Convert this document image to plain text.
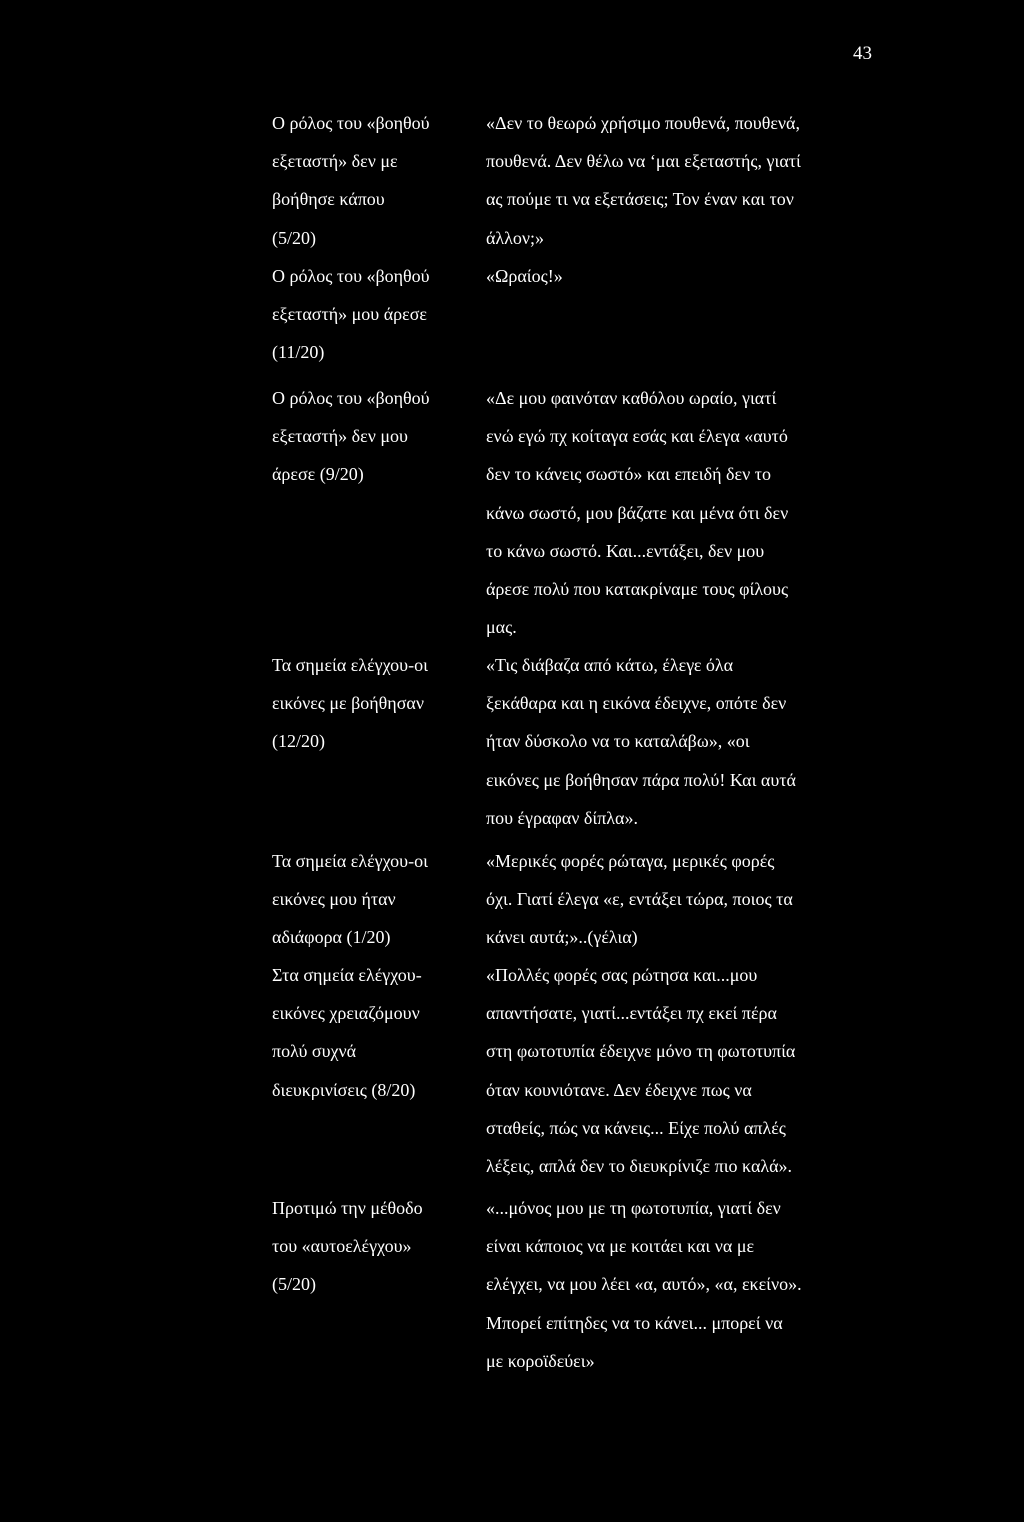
43

Ο ρόλος του «βοηθού
εξεταστή» δεν με
βοήθησε κάπου
(5/20)

«Δεν το θεωρώ χρήσιμο πουθενά, πουθενά,
πουθενά. Δεν θέλω να ‘μαι εξεταστής, γιατί
ας πούμε τι να εξετάσεις; Τον έναν και τον
άλλον;»

Ο ρόλος του «βοηθού
εξεταστή» μου άρεσε
(11/20)

«Ωραίος!»

Ο ρόλος του «βοηθού
εξεταστή» δεν μου
άρεσε (9/20)

«Δε μου φαινόταν καθόλου ωραίο, γιατί
ενώ εγώ πχ κοίταγα εσάς και έλεγα «αυτό
δεν το κάνεις σωστό» και επειδή δεν το
κάνω σωστό, μου βάζατε και μένα ότι δεν
το κάνω σωστό. Και...εντάξει, δεν μου
άρεσε πολύ που κατακρίναμε τους φίλους
μας.

Τα σημεία ελέγχου-οι
εικόνες με βοήθησαν
(12/20)

«Τις διάβαζα από κάτω, έλεγε όλα
ξεκάθαρα και η εικόνα έδειχνε, οπότε δεν
ήταν δύσκολο να το καταλάβω», «οι
εικόνες με βοήθησαν πάρα πολύ! Και αυτά
που έγραφαν δίπλα».

Τα σημεία ελέγχου-οι
εικόνες μου ήταν
αδιάφορα (1/20)

«Μερικές φορές ρώταγα, μερικές φορές
όχι. Γιατί έλεγα «ε, εντάξει τώρα, ποιος τα
κάνει αυτά;»..(γέλια)

Στα σημεία ελέγχου-
εικόνες χρειαζόμουν
πολύ συχνά
διευκρινίσεις (8/20)

«Πολλές φορές σας ρώτησα και...μου
απαντήσατε, γιατί...εντάξει πχ εκεί πέρα
στη φωτοτυπία έδειχνε μόνο τη φωτοτυπία
όταν κουνιότανε. Δεν έδειχνε πως να
σταθείς, πώς να κάνεις... Είχε πολύ απλές
λέξεις, απλά δεν το διευκρίνιζε πιο καλά».

Προτιμώ την μέθοδο
του «αυτοελέγχου»
(5/20)

«...μόνος μου με τη φωτοτυπία, γιατί δεν
είναι κάποιος να με κοιτάει και να με
ελέγχει, να μου λέει «α, αυτό», «α, εκείνο».
Μπορεί επίτηδες να το κάνει... μπορεί να
με κοροϊδεύει»
